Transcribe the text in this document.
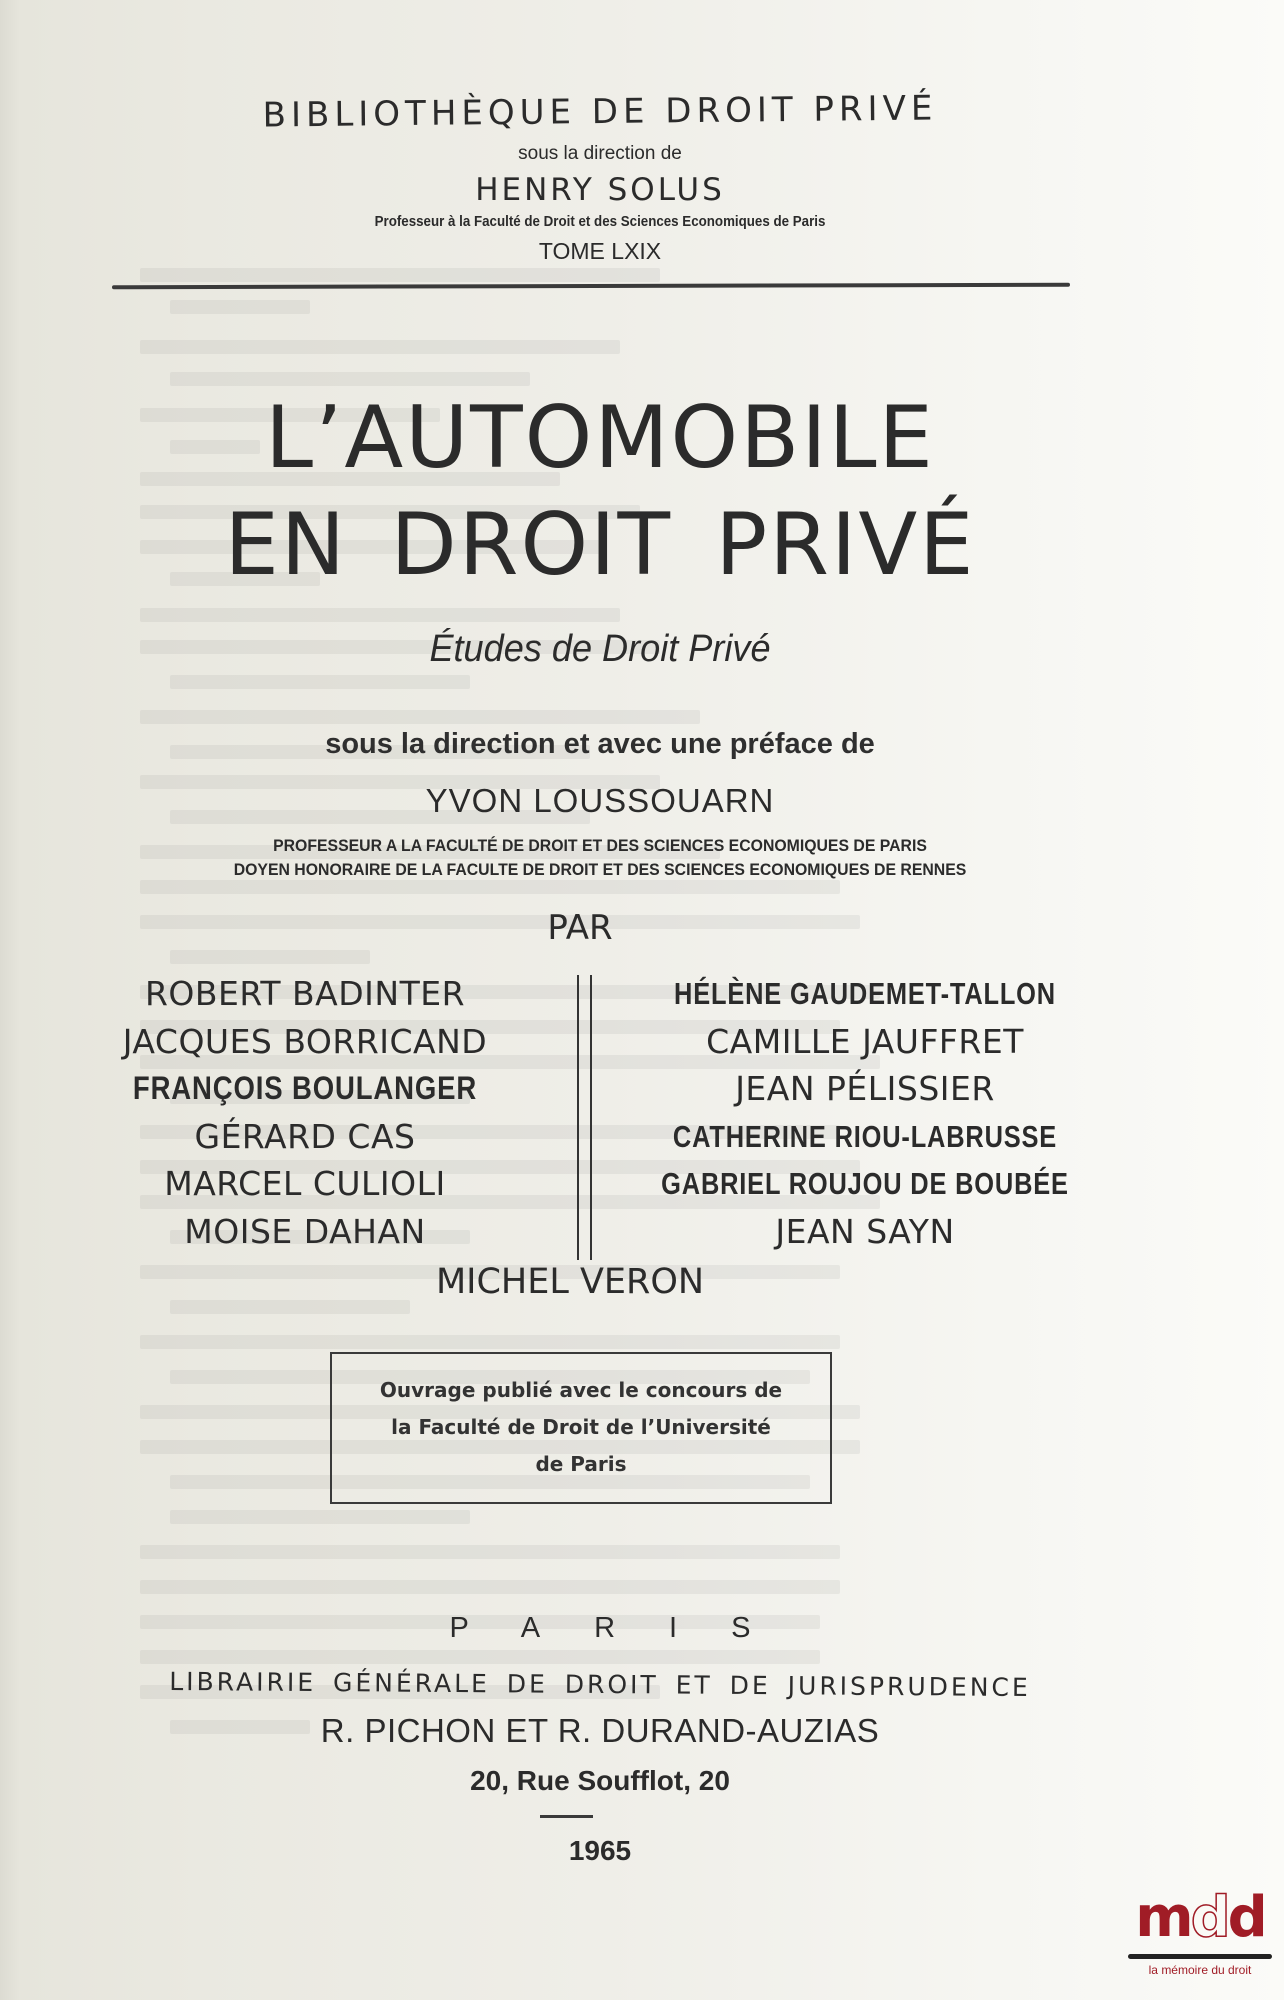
BIBLIOTHÈQUE DE DROIT PRIVÉ
sous la direction de
HENRY SOLUS
Professeur à la Faculté de Droit et des Sciences Economiques de Paris
TOME LXIX
L’AUTOMOBILE
EN DROIT PRIVÉ
Études de Droit Privé
sous la direction et avec une préface de
YVON LOUSSOUARN
PROFESSEUR A LA FACULTÉ DE DROIT ET DES SCIENCES ECONOMIQUES DE PARIS
DOYEN HONORAIRE DE LA FACULTE DE DROIT ET DES SCIENCES ECONOMIQUES DE RENNES
PAR
ROBERT BADINTER
JACQUES BORRICAND
FRANÇOIS BOULANGER
GÉRARD CAS
MARCEL CULIOLI
MOISE DAHAN
HÉLÈNE GAUDEMET-TALLON
CAMILLE JAUFFRET
JEAN PÉLISSIER
CATHERINE RIOU-LABRUSSE
GABRIEL ROUJOU DE BOUBÉE
JEAN SAYN
MICHEL VERON
Ouvrage publié avec le concours de
la Faculté de Droit de l’Université
de Paris
PARIS
LIBRAIRIE GÉNÉRALE DE DROIT ET DE JURISPRUDENCE
R. PICHON ET R. DURAND-AUZIAS
20, Rue Soufflot, 20
1965
mdd
la mémoire du droit
